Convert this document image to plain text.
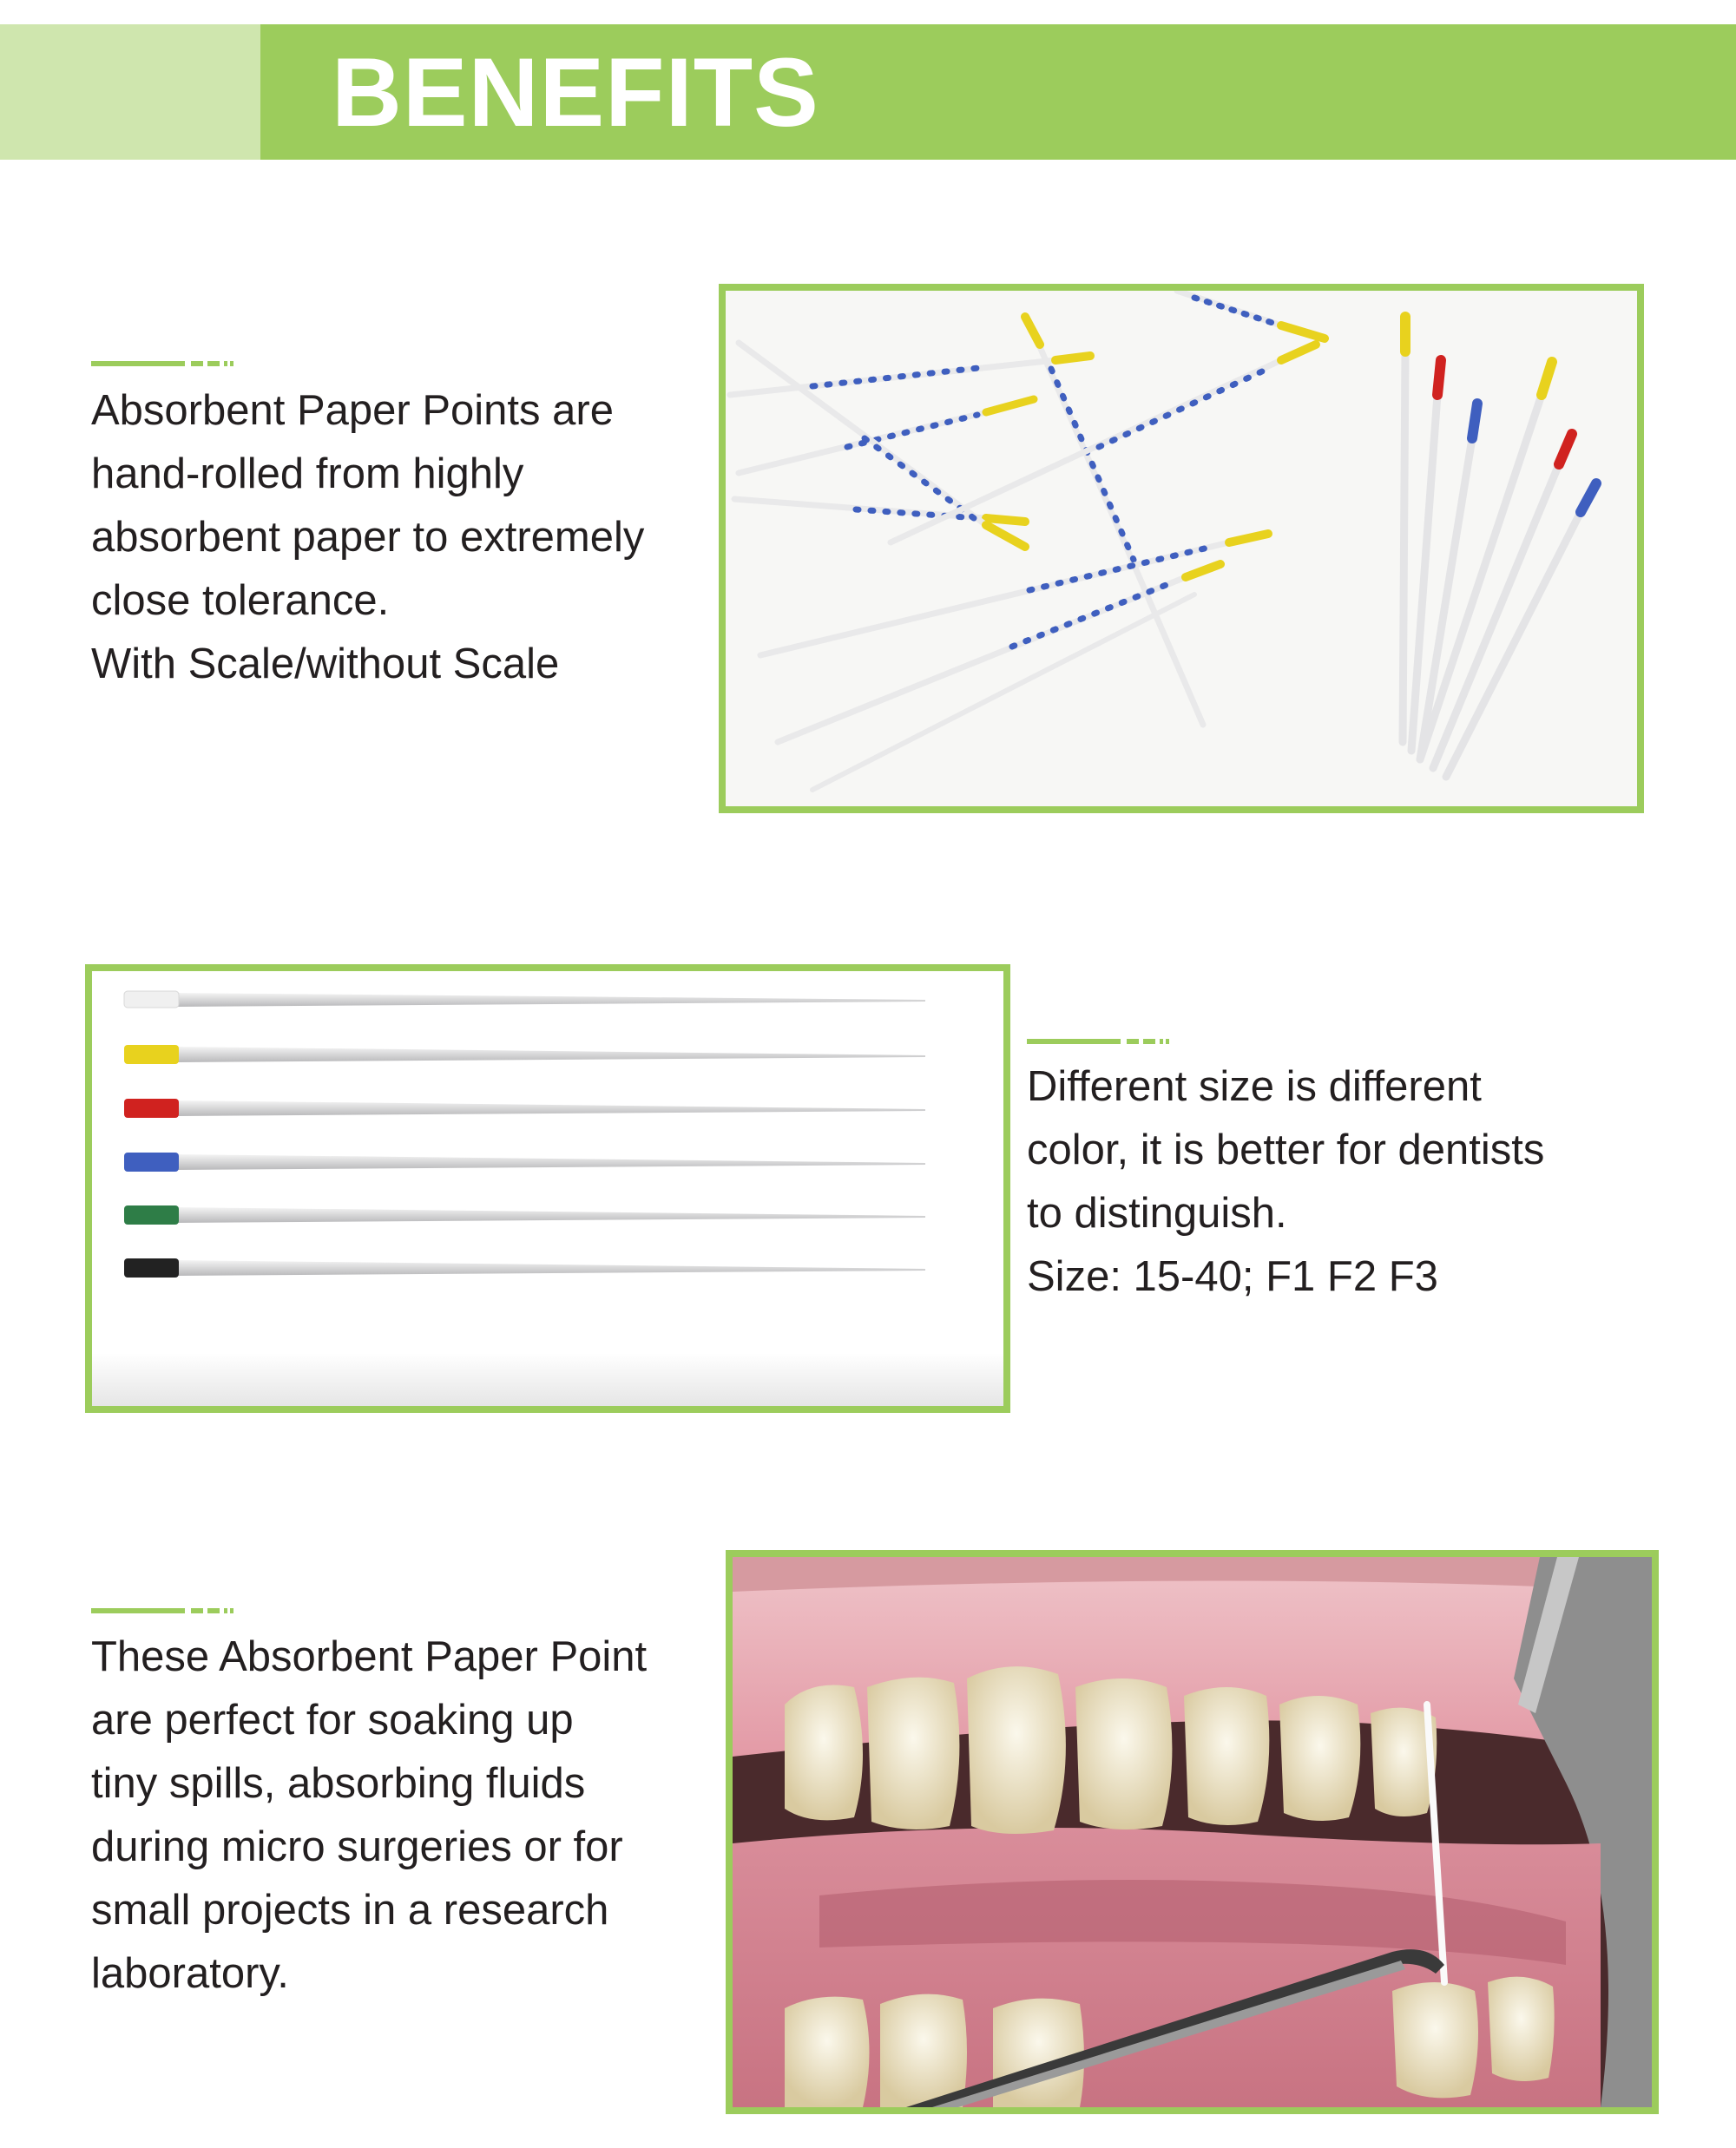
BENEFITS

Absorbent Paper Points are
hand-rolled from highly
absorbent paper to extremely
close tolerance.
With Scale/without Scale

Different size is different
color, it is better for dentists
to distinguish.
Size: 15-40; F1 F2 F3

These Absorbent Paper Point
are perfect for soaking up
tiny spills, absorbing fluids
during micro surgeries or for
small projects in a research
laboratory.
